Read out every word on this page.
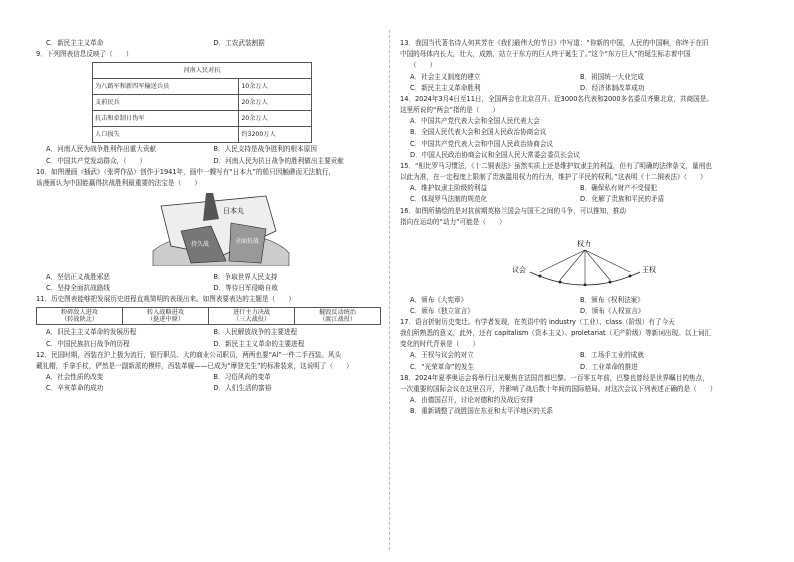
C．新民主主义革命	D．工农武装割据

9．下列图表信息反映了（　　）

河南人民对抗	
为八路军和新四军输送兵员	10余万人
支前民兵	20余万人
抗击和牵制日伪军	20余万人
人口损失	约3200万人
A．河南人民为战争胜利作出重大贡献	B．人民支持是战争胜利的根本原因
C．中国共产党发动群众，（　　）	D．河南人民为抗日战争的胜利做出主要贡献

10．如图漫画《插武》（张谔作品）创作于1941年，画中一艘写有“日本九”的船只因触礁而无法航行，

该漫画认为中国能赢得抗战胜利最重要的法宝是（　　）

日本丸
持久战	全面抗战
A．坚信正义战胜邪恶	B．争取世界人民支持
C．坚持全面抗战路线	D．等待日军侵略自败

11．历史图表能够把发展历史进程直观简明的表现出来。如图表要表达的主题是（　　）

粉碎敌人进攻
（转战陕北）

转入战略进攻
（挺进中原）

进行主力决战
（三大战役）

摧毁反动统治
（渡江战役）
A．旧民主主义革命的发展历程	B．人民解放战争的主要进程
C．中国民族抗日战争的历程	D．新民主主义革命的主要进程

12．民国时期，西装在沪上极为流行，银行职员、大的商业公司职员，两两也要“Al”一件二手西装。风头

戴礼帽，手拿手杖，俨然是一副新派的模样，西装革履——已成为“摩登先生”的标准装束，这说明了（　　）

A．社会性质的改变	B．习俗风尚的变革
C．辛亥革命的成功	D．人们生活的富裕

13．我国当代著名诗人何其芳在《我们最伟大的节日》中写道：“你新的中国，人民的中国啊，你终于在旧

中国的母体内长大，壮大，成熟，站立于东方的巨人终于诞生了。”这个“东方巨人”的诞生标志着中国

（　　）

A．社会主义制度的建立	B．祖国统一大业完成
C．新民主主义革命胜利	D．经济体制改革成功

14．2024年3月4日至11日，全国两会在北京召开。近3000名代表和2000多名委员齐聚北京，共商国是。

这里所说的“两会”指的是（　　）

A．中国共产党代表大会和全国人民代表大会

B．全国人民代表大会和全国人民政治协商会议

C．中国共产党代表大会和中国人民政治协商会议

D．中国人民政治协商会议和全国人民大常委会委员长会议

15．“相比罗马习惯法，《十二铜表法》虽然实质上还是维护奴隶主的利益，但有了明确的法律条文，量刑也

以此为准，在一定程度上限制了贵族滥用权力的行为，维护了平民的权利。”这表明《十二铜表法》（　　）

A．维护奴隶主阶级的利益	B．确保私有财产不受侵犯
C．体现罗马法制的规范化	D．化解了贵族和平民的矛盾

16．如图所描绘的是对抗前期英格兰国会与国王之间的斗争，可以推知，推动

指向在运动的“动力”可能是（　　）

议会
权力
王权
A．颁布《大宪章》	B．颁布《权利法案》
C．颁布《独立宣言》	D．颁布《人权宣言》

17．语言折射历史变迁。有学者发现，在英语中的 industry（工业）、class（阶级）有了今天

我们所熟悉的意义，此外，还有 capitalism（资本主义）、proletariat（无产阶级）等新词出现。以上词汇

变化的时代背景是（　　）

A．王权与议会的对立	B．工场手工业的成就
C．“光荣革命”的发生	D．工业革命的推进

18．2024年夏季奥运会将举行目光聚焦在法国首都巴黎。一百零五年前，巴黎也曾经是世界瞩目的焦点，

一次重要的国际会议在这里召开，并影响了战后数十年间的国际格局。对这次会议下列表述正确的是（　　）

A．由德国召开，讨论对德和约及战后安排

B．重新调整了战胜国在东亚和太平洋地区的关系
